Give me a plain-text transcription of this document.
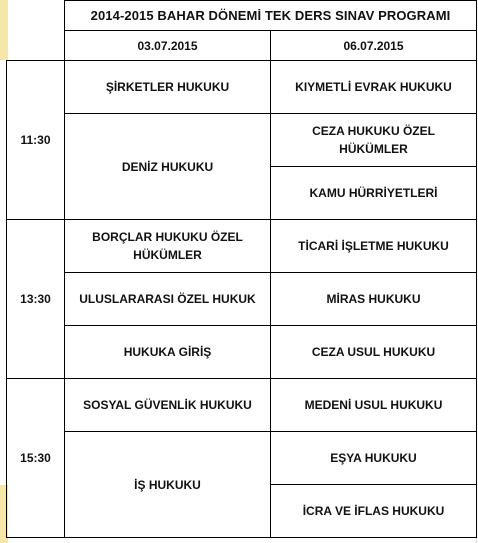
	2014-2015 BAHAR DÖNEMİ TEK DERS SINAV PROGRAMI	
	03.07.2015	06.07.2015
11:30	ŞİRKETLER HUKUKU	KIYMETLİ EVRAK HUKUKU
	DENİZ HUKUKU	CEZA HUKUKU ÖZEL HÜKÜMLER
		KAMU HÜRRİYETLERİ
13:30	BORÇLAR HUKUKU ÖZEL HÜKÜMLER	TİCARİ İŞLETME HUKUKU
	ULUSLARARASI ÖZEL HUKUK	MİRAS HUKUKU
	HUKUKA GİRİŞ	CEZA USUL HUKUKU
15:30	SOSYAL GÜVENLİK HUKUKU	MEDENİ USUL HUKUKU
	İŞ HUKUKU	EŞYA HUKUKU
		İCRA VE İFLAS HUKUKU
